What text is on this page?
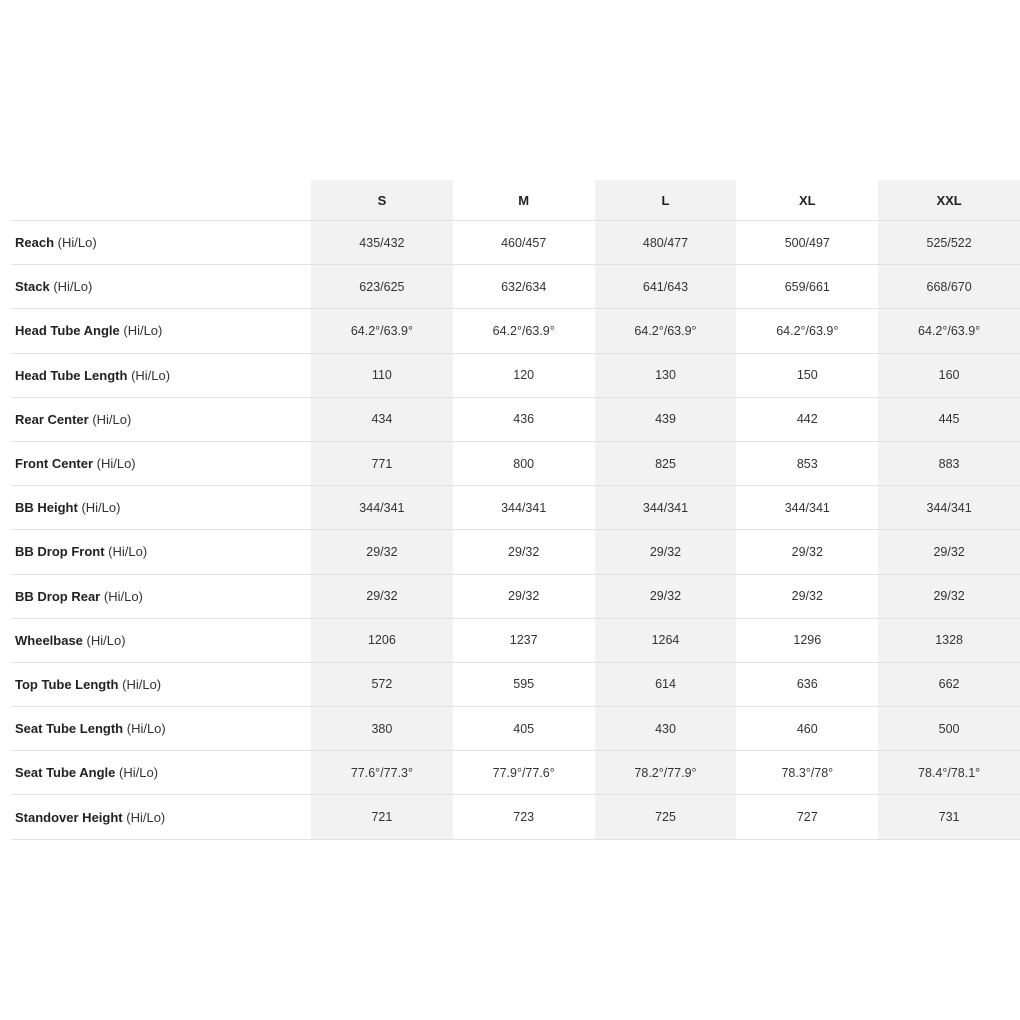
	S	M	L	XL	XXL
Reach (Hi/Lo)	435/432	460/457	480/477	500/497	525/522
Stack (Hi/Lo)	623/625	632/634	641/643	659/661	668/670
Head Tube Angle (Hi/Lo)	64.2°/63.9°	64.2°/63.9°	64.2°/63.9°	64.2°/63.9°	64.2°/63.9°
Head Tube Length (Hi/Lo)	110	120	130	150	160
Rear Center (Hi/Lo)	434	436	439	442	445
Front Center (Hi/Lo)	771	800	825	853	883
BB Height (Hi/Lo)	344/341	344/341	344/341	344/341	344/341
BB Drop Front (Hi/Lo)	29/32	29/32	29/32	29/32	29/32
BB Drop Rear (Hi/Lo)	29/32	29/32	29/32	29/32	29/32
Wheelbase (Hi/Lo)	1206	1237	1264	1296	1328
Top Tube Length (Hi/Lo)	572	595	614	636	662
Seat Tube Length (Hi/Lo)	380	405	430	460	500
Seat Tube Angle (Hi/Lo)	77.6°/77.3°	77.9°/77.6°	78.2°/77.9°	78.3°/78°	78.4°/78.1°
Standover Height (Hi/Lo)	721	723	725	727	731
